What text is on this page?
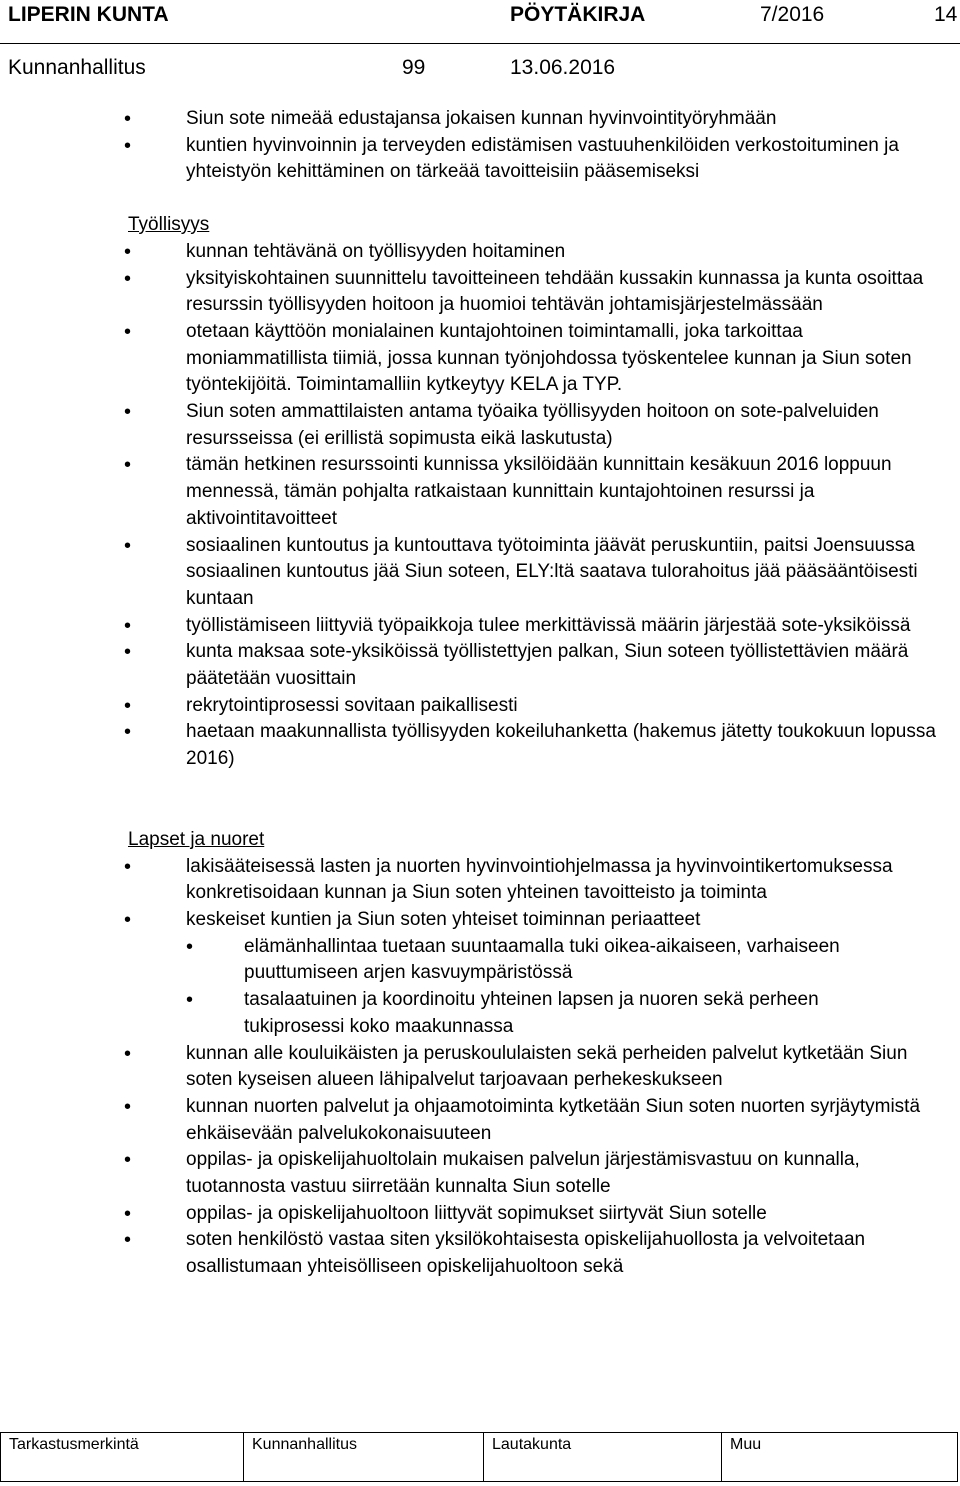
LIPERIN KUNTA	PÖYTÄKIRJA	7/2016	14
Kunnanhallitus	99	13.06.2016
• Siun sote nimeää edustajansa jokaisen kunnan hyvinvointityöryhmään
• kuntien hyvinvoinnin ja terveyden edistämisen vastuuhenkilöiden verkostoituminen ja yhteistyön kehittäminen on tärkeää tavoitteisiin pääsemiseksi
Työllisyys
• kunnan tehtävänä on työllisyyden hoitaminen
• yksityiskohtainen suunnittelu tavoitteineen tehdään kussakin kunnassa ja kunta osoittaa resurssin työllisyyden hoitoon ja huomioi tehtävän johtamisjärjestelmässään
• otetaan käyttöön monialainen kuntajohtoinen toimintamalli, joka tarkoittaa moniammatillista tiimiä, jossa kunnan työnjohdossa työskentelee kunnan ja Siun soten työntekijöitä. Toimintamalliin kytkeytyy KELA ja TYP.
• Siun soten ammattilaisten antama työaika työllisyyden hoitoon on sote-palveluiden resursseissa (ei erillistä sopimusta eikä laskutusta)
• tämän hetkinen resurssointi kunnissa yksilöidään kunnittain kesäkuun 2016 loppuun mennessä, tämän pohjalta ratkaistaan kunnittain kuntajohtoinen resurssi ja aktivointitavoitteet
• sosiaalinen kuntoutus ja kuntouttava työtoiminta jäävät peruskuntiin, paitsi Joensuussa sosiaalinen kuntoutus jää Siun soteen, ELY:ltä saatava tulorahoitus jää pääsääntöisesti kuntaan
• työllistämiseen liittyviä työpaikkoja tulee merkittävissä määrin järjestää sote-yksiköissä
• kunta maksaa sote-yksiköissä työllistettyjen palkan, Siun soteen työllistettävien määrä päätetään vuosittain
• rekrytointiprosessi sovitaan paikallisesti
• haetaan maakunnallista työllisyyden kokeiluhanketta (hakemus jätetty toukokuun lopussa 2016)
Lapset ja nuoret
• lakisääteisessä lasten ja nuorten hyvinvointiohjelmassa ja hyvinvointikertomuksessa konkretisoidaan kunnan ja Siun soten yhteinen tavoitteisto ja toiminta
• keskeiset kuntien ja Siun soten yhteiset toiminnan periaatteet
• elämänhallintaa tuetaan suuntaamalla tuki oikea-aikaiseen, varhaiseen puuttumiseen arjen kasvuympäristössä
• tasalaatuinen ja koordinoitu yhteinen lapsen ja nuoren sekä perheen tukiprosessi koko maakunnassa
• kunnan alle kouluikäisten ja peruskoululaisten sekä perheiden palvelut kytketään Siun soten kyseisen alueen lähipalvelut tarjoavaan perhekeskukseen
• kunnan nuorten palvelut ja ohjaamotoiminta kytketään Siun soten nuorten syrjäytymistä ehkäisevään palvelukokonaisuuteen
• oppilas- ja opiskelijahuoltolain mukaisen palvelun järjestämisvastuu on kunnalla, tuotannosta vastuu siirretään kunnalta Siun sotelle
• oppilas- ja opiskelijahuoltoon liittyvät sopimukset siirtyvät Siun sotelle
• soten henkilöstö vastaa siten yksilökohtaisesta opiskelijahuollosta ja velvoitetaan osallistumaan yhteisölliseen opiskelijahuoltoon sekä
Tarkastusmerkintä	Kunnanhallitus	Lautakunta	Muu
